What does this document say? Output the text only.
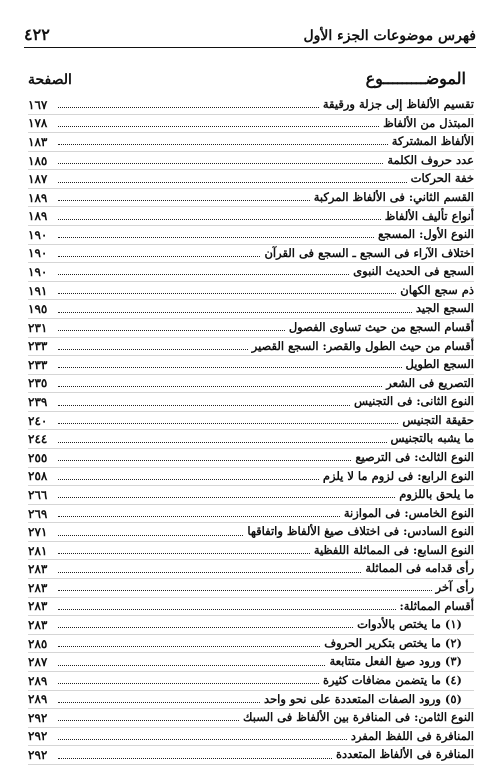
فهرس موضوعات الجزء الأول
٤٢٢
الموضـــــــــوع
الصفحة
تقسيم الألفاظ إلى جزلة ورقيقة
١٦٧
المبتذل من الألفاظ
١٧٨
الألفاظ المشتركة
١٨٣
عدد حروف الكلمة
١٨٥
خفة الحركات
١٨٧
القسم الثاني: فى الألفاظ المركبة
١٨٩
أنواع تأليف الألفاظ
١٨٩
النوع الأول: المسجع
١٩٠
اختلاف الآراء فى السجع ـ السجع فى القرآن
١٩٠
السجع فى الحديث النبوى
١٩٠
ذم سجع الكهان
١٩١
السجع الجيد
١٩٥
أقسام السجع من حيث تساوى الفصول
٢٣١
أقسام من حيث الطول والقصر: السجع القصير
٢٣٣
السجع الطويل
٢٣٣
التصريع فى الشعر
٢٣٥
النوع الثانى: فى التجنيس
٢٣٩
حقيقة التجنيس
٢٤٠
ما يشبه بالتجنيس
٢٤٤
النوع الثالث: فى الترصيع
٢٥٥
النوع الرابع: فى لزوم ما لا يلزم
٢٥٨
ما يلحق باللزوم
٢٦٦
النوع الخامس: فى الموازنة
٢٦٩
النوع السادس: فى اختلاف صيغ الألفاظ واتفاقها
٢٧١
النوع السابع: فى المماثلة اللفظية
٢٨١
رأى قدامه فى المماثلة
٢٨٣
رأى آخر
٢٨٣
أقسام المماثلة:
٢٨٣
(١) ما يختص بالأدوات
٢٨٣
(٢) ما يختص بتكرير الحروف
٢٨٥
(٣) ورود صيغ الفعل متتابعة
٢٨٧
(٤) ما يتضمن مضافات كثيرة
٢٨٩
(٥) ورود الصفات المتعددة على نحو واحد
٢٨٩
النوع الثامن: فى المنافرة بين الألفاظ فى السبك
٢٩٢
المنافرة فى اللفظ المفرد
٢٩٢
المنافرة فى الألفاظ المتعددة
٢٩٢
